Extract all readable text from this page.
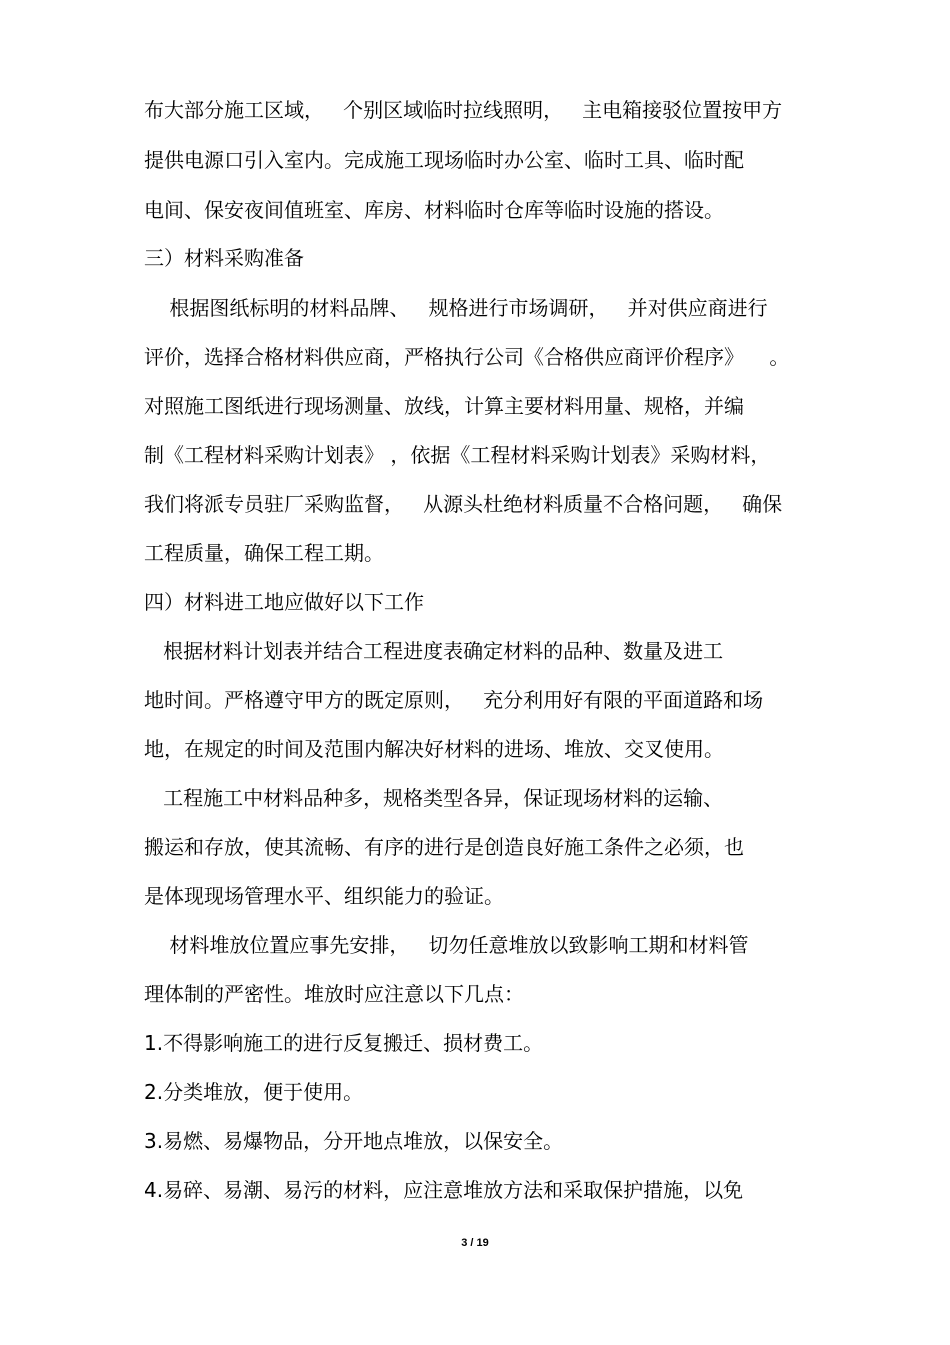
布大部分施工区域，   个别区域临时拉线照明，   主电箱接驳位置按甲方

提供电源口引入室内。完成施工现场临时办公室、临时工具、临时配

电间、保安夜间值班室、库房、材料临时仓库等临时设施的搭设。

三）材料采购准备

根据图纸标明的材料品牌、   规格进行市场调研，   并对供应商进行

评价，选择合格材料供应商，严格执行公司《合格供应商评价程序》    。

对照施工图纸进行现场测量、放线，计算主要材料用量、规格，并编

制《工程材料采购计划表》 ，依据《工程材料采购计划表》采购材料，

我们将派专员驻厂采购监督，   从源头杜绝材料质量不合格问题，   确保

工程质量，确保工程工期。

四）材料进工地应做好以下工作

根据材料计划表并结合工程进度表确定材料的品种、数量及进工

地时间。严格遵守甲方的既定原则，   充分利用好有限的平面道路和场

地，在规定的时间及范围内解决好材料的进场、堆放、交叉使用。

工程施工中材料品种多，规格类型各异，保证现场材料的运输、

搬运和存放，使其流畅、有序的进行是创造良好施工条件之必须，也

是体现现场管理水平、组织能力的验证。

材料堆放位置应事先安排，   切勿任意堆放以致影响工期和材料管

理体制的严密性。堆放时应注意以下几点：

1.不得影响施工的进行反复搬迁、损材费工。

2.分类堆放，便于使用。

3.易燃、易爆物品，分开地点堆放，以保安全。

4.易碎、易潮、易污的材料，应注意堆放方法和采取保护措施，以免

3 / 19
